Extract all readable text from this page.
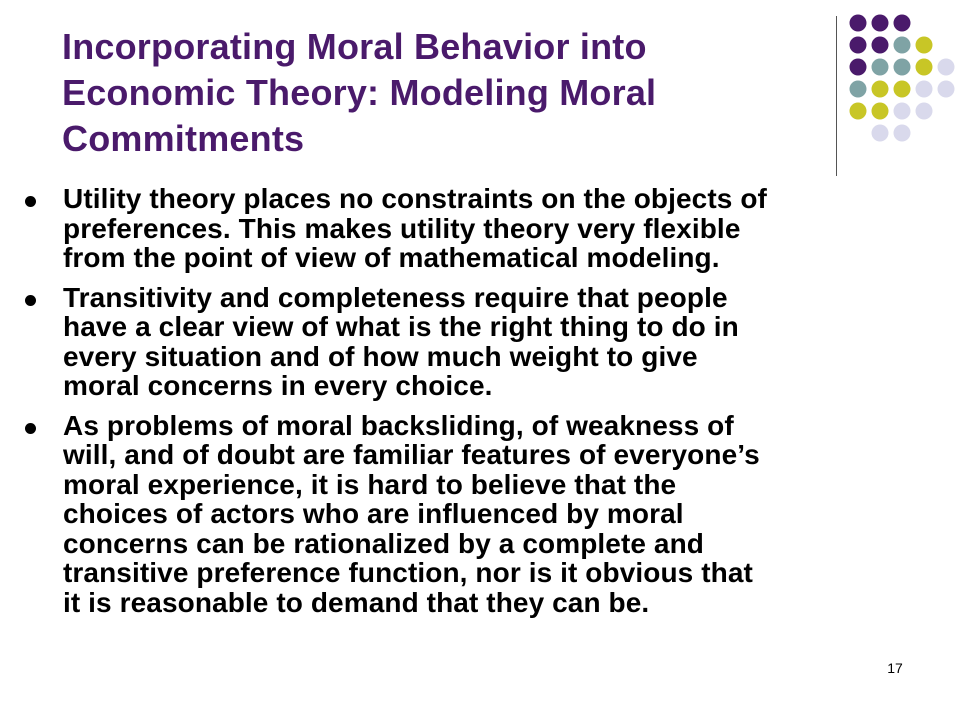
Incorporating Moral Behavior into
Economic Theory: Modeling Moral
Commitments
Utility theory places no constraints on the objects of
preferences. This makes utility theory very flexible
from the point of view of mathematical modeling.
Transitivity and completeness require that people
have a clear view of what is the right thing to do in
every situation and of how much weight to give
moral concerns in every choice.
As problems of moral backsliding, of weakness of
will, and of doubt are familiar features of everyone’s
moral experience, it is hard to believe that the
choices of actors who are influenced by moral
concerns can be rationalized by a complete and
transitive preference function, nor is it obvious that
it is reasonable to demand that they can be.
17
